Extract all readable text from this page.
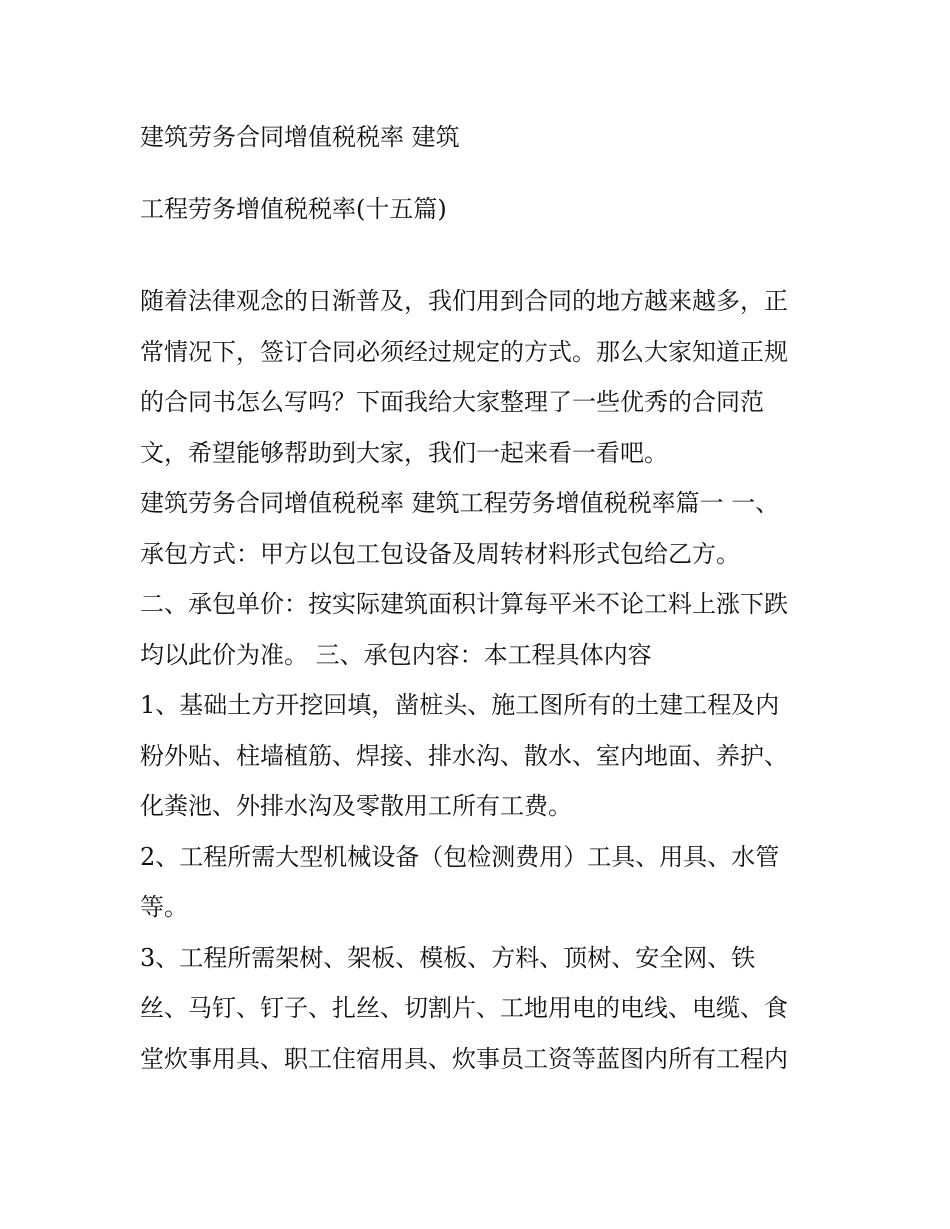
建筑劳务合同增值税税率 建筑
工程劳务增值税税率(十五篇)
随着法律观念的日渐普及，我们用到合同的地方越来越多，正
常情况下，签订合同必须经过规定的方式。那么大家知道正规
的合同书怎么写吗？下面我给大家整理了一些优秀的合同范
文，希望能够帮助到大家，我们一起来看一看吧。
建筑劳务合同增值税税率 建筑工程劳务增值税税率篇一 一、
承包方式：甲方以包工包设备及周转材料形式包给乙方。
二、承包单价：按实际建筑面积计算每平米不论工料上涨下跌
均以此价为准。 三、承包内容：本工程具体内容
1、基础土方开挖回填，凿桩头、施工图所有的土建工程及内
粉外贴、柱墙植筋、焊接、排水沟、散水、室内地面、养护、
化粪池、外排水沟及零散用工所有工费。
2、工程所需大型机械设备（包检测费用）工具、用具、水管
等。
3、工程所需架树、架板、模板、方料、顶树、安全网、铁
丝、马钉、钉子、扎丝、切割片、工地用电的电线、电缆、食
堂炊事用具、职工住宿用具、炊事员工资等蓝图内所有工程内
